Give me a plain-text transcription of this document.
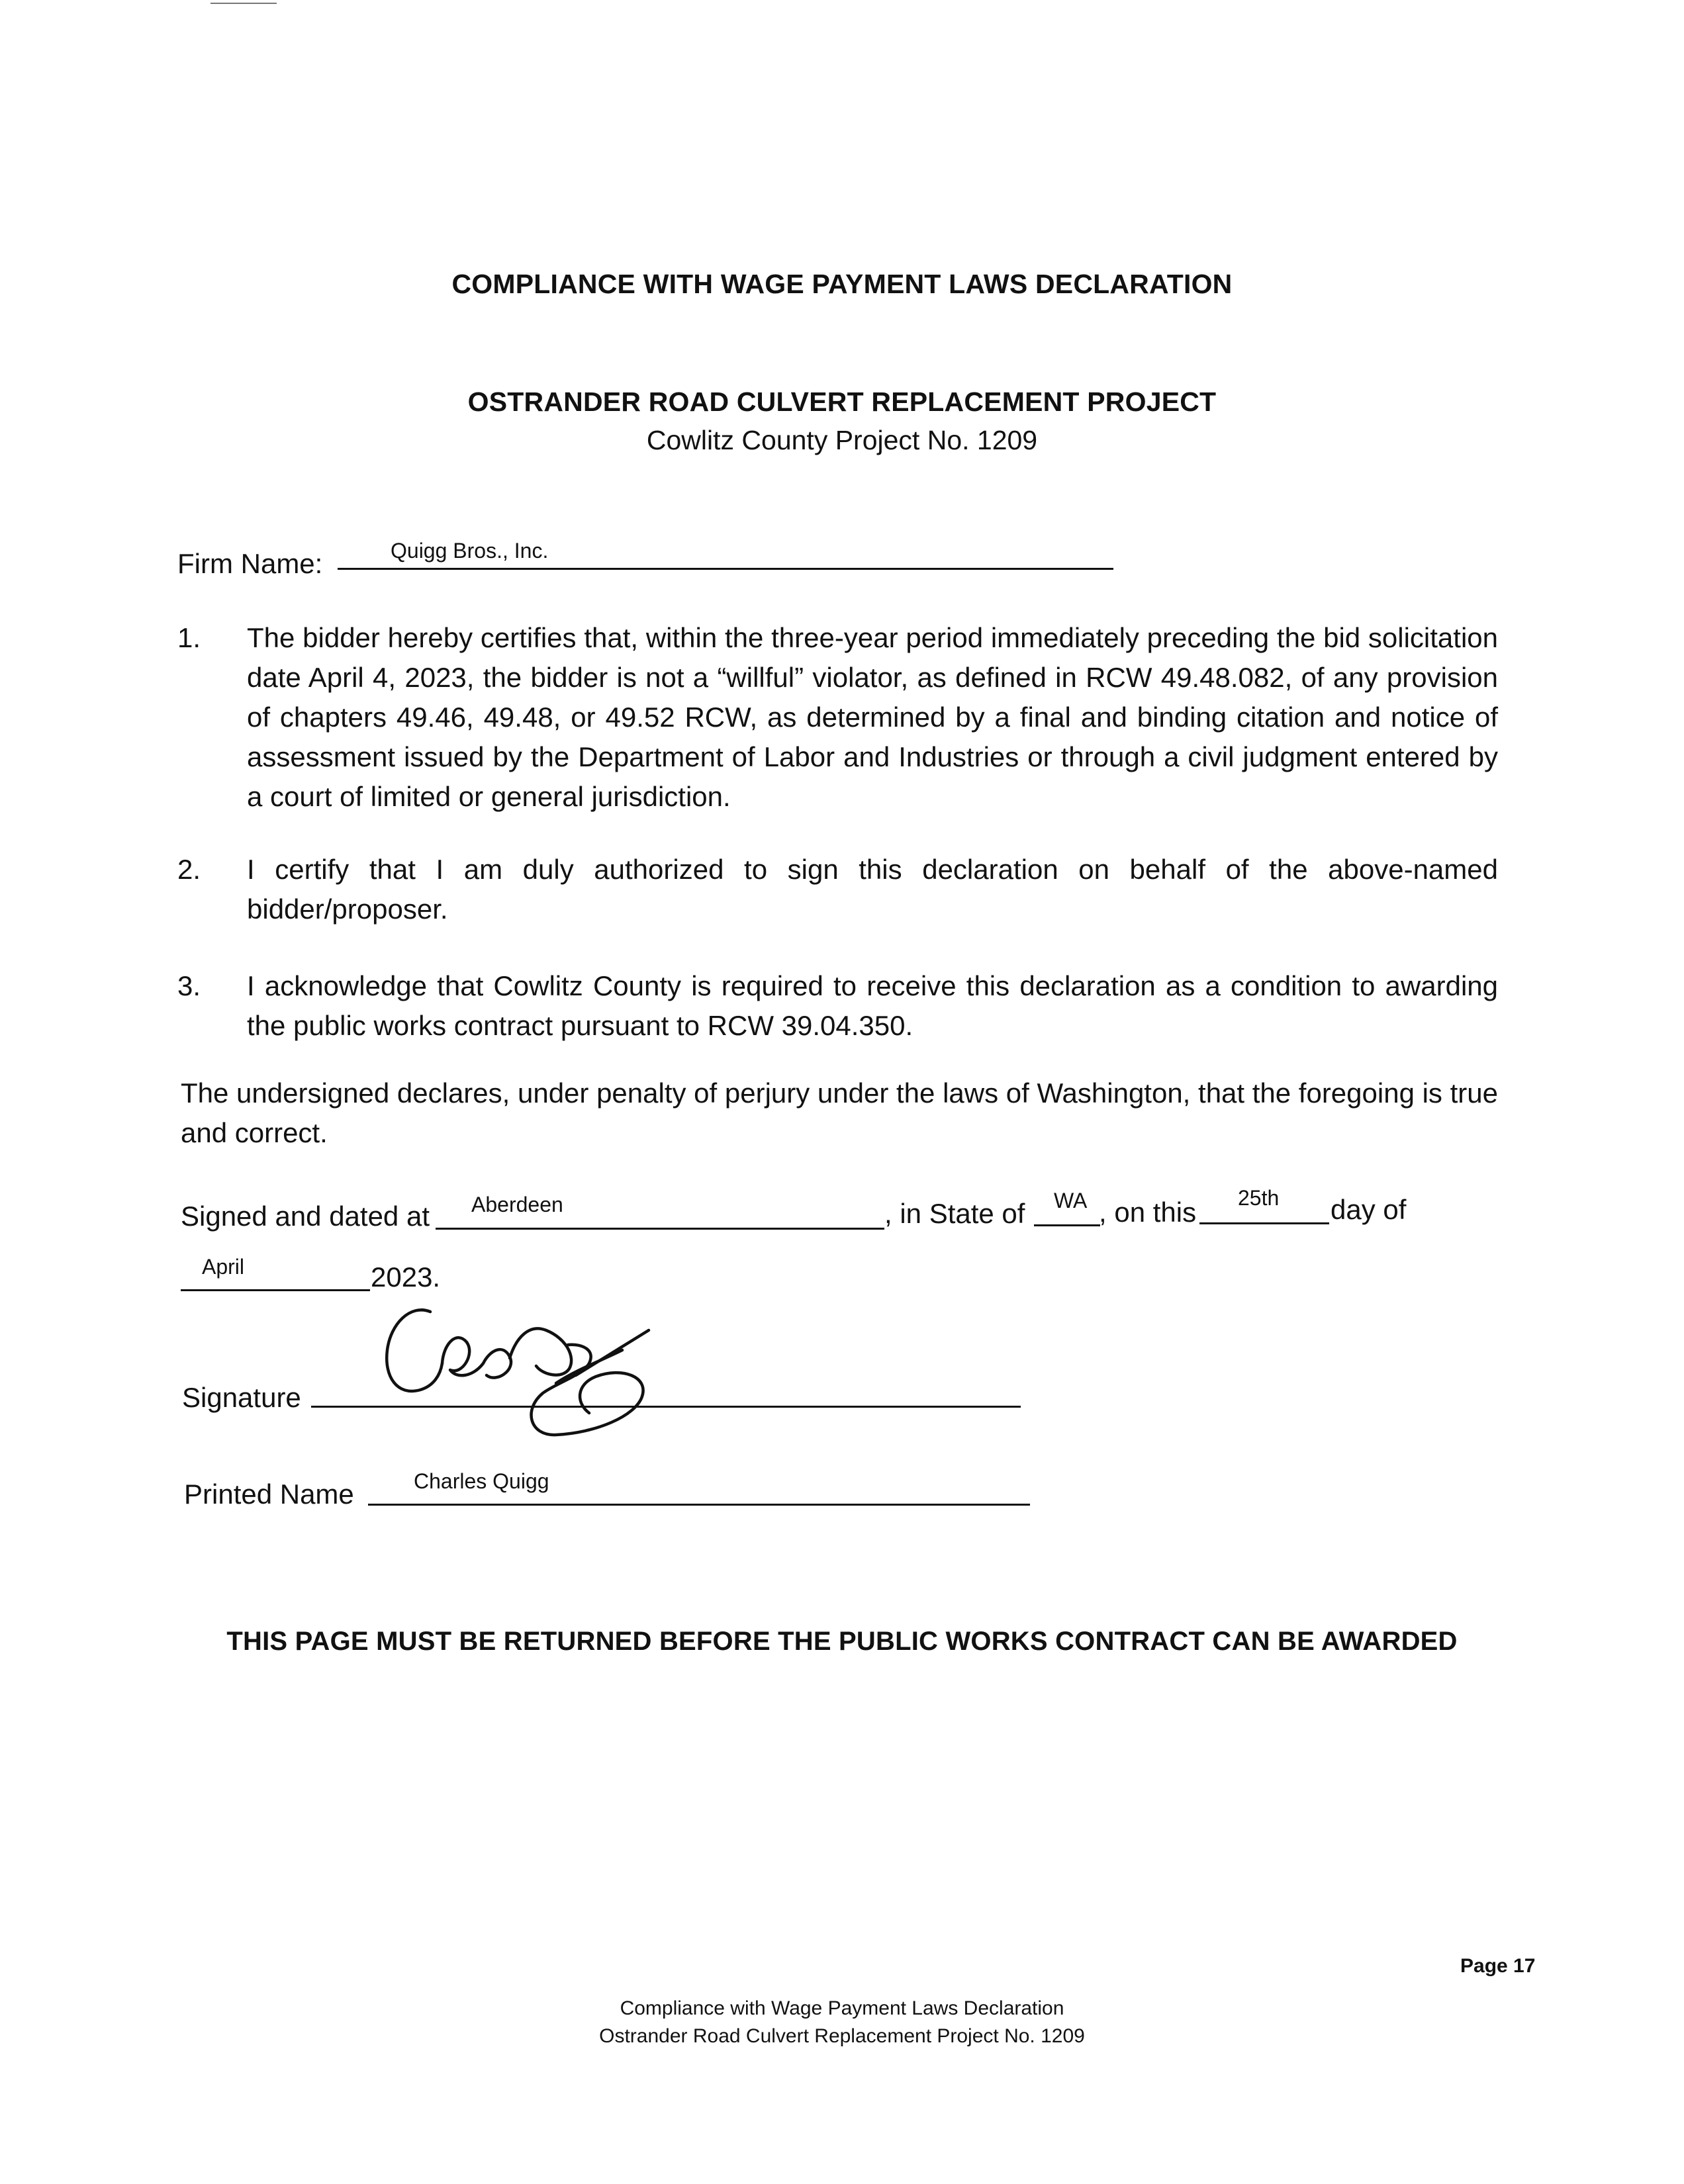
COMPLIANCE WITH WAGE PAYMENT LAWS DECLARATION
OSTRANDER ROAD CULVERT REPLACEMENT PROJECT
Cowlitz County Project No. 1209
Firm Name:	Quigg Bros., Inc.
1. The bidder hereby certifies that, within the three-year period immediately preceding the bid solicitation date April 4, 2023, the bidder is not a “willful” violator, as defined in RCW 49.48.082, of any provision of chapters 49.46, 49.48, or 49.52 RCW, as determined by a final and binding citation and notice of assessment issued by the Department of Labor and Industries or through a civil judgment entered by a court of limited or general jurisdiction.
2. I certify that I am duly authorized to sign this declaration on behalf of the above-named bidder/proposer.
3. I acknowledge that Cowlitz County is required to receive this declaration as a condition to awarding the public works contract pursuant to RCW 39.04.350.
The undersigned declares, under penalty of perjury under the laws of Washington, that the foregoing is true and correct.
Signed and dated at Aberdeen	, in State of WA , on this 25th day of
April	2023.
Signature
Printed Name	Charles Quigg
THIS PAGE MUST BE RETURNED BEFORE THE PUBLIC WORKS CONTRACT CAN BE AWARDED
Page 17
Compliance with Wage Payment Laws Declaration
Ostrander Road Culvert Replacement Project No. 1209
